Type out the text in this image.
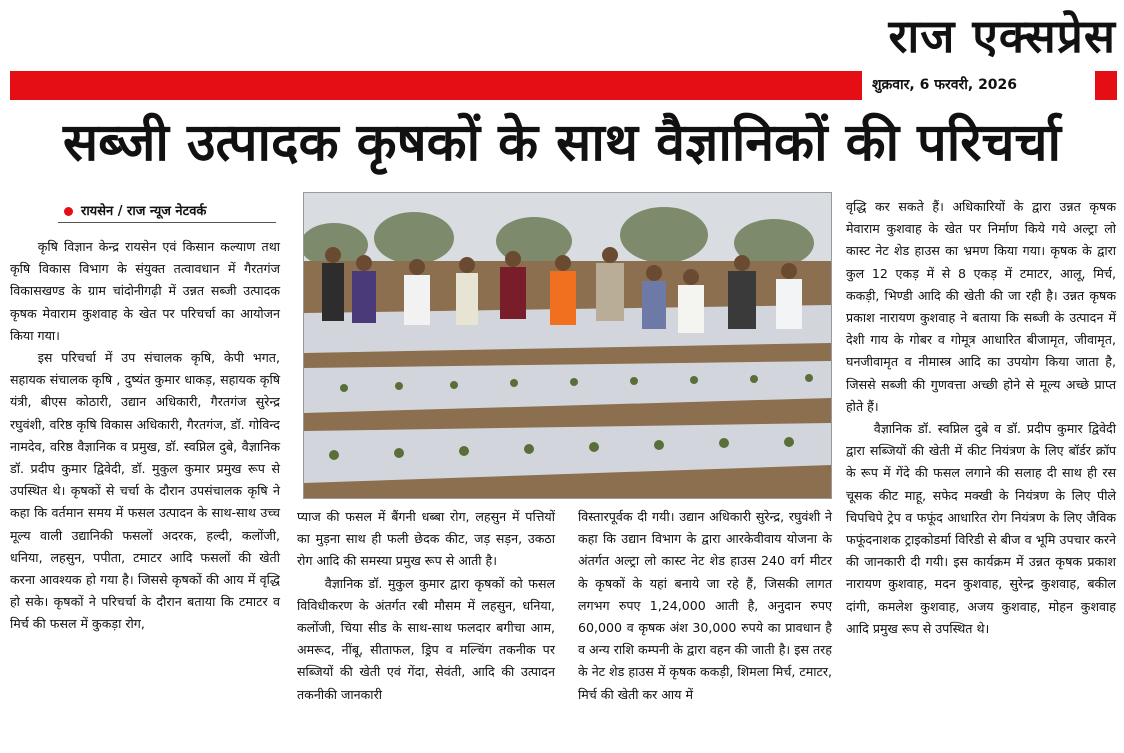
राज एक्सप्रेस
शुक्रवार, 6 फरवरी, 2026
सब्जी उत्पादक कृषकों के साथ वैज्ञानिकों की परिचर्चा
रायसेन / राज न्यूज नेटवर्क

कृषि विज्ञान केन्द्र रायसेन एवं किसान कल्याण तथा कृषि विकास विभाग के संयुक्त तत्वावधान में गैरतगंज विकासखण्ड के ग्राम चांदोनीगढ़ी में उन्नत सब्जी उत्पादक कृषक मेवाराम कुशवाह के खेत पर परिचर्चा का आयोजन किया गया।

इस परिचर्चा में उप संचालक कृषि, केपी भगत, सहायक संचालक कृषि , दुष्यंत कुमार धाकड़, सहायक कृषि यंत्री, बीएस कोठारी, उद्यान अधिकारी, गैरतगंज सुरेन्द्र रघुवंशी, वरिष्ठ कृषि विकास अधिकारी, गैरतगंज, डॉ. गोविन्द नामदेव, वरिष्ठ वैज्ञानिक व प्रमुख, डॉ. स्वप्निल दुबे, वैज्ञानिक डॉ. प्रदीप कुमार द्विवेदी, डॉ. मुकुल कुमार प्रमुख रूप से उपस्थित थे। कृषकों से चर्चा के दौरान उपसंचालक कृषि ने कहा कि वर्तमान समय में फसल उत्पादन के साथ-साथ उच्च मूल्य वाली उद्यानिकी फसलों अदरक, हल्दी, कलोंजी, धनिया, लहसुन, पपीता, टमाटर आदि फसलों की खेती करना आवश्यक हो गया है। जिससे कृषकों की आय में वृद्धि हो सके। कृषकों ने परिचर्चा के दौरान बताया कि टमाटर व मिर्च की फसल में कुकड़ा रोग,

प्याज की फसल में बैंगनी धब्बा रोग, लहसुन में पत्तियों का मुड़ना साथ ही फली छेदक कीट, जड़ सड़न, उकठा रोग आदि की समस्या प्रमुख रूप से आती है।

वैज्ञानिक डॉ. मुकुल कुमार द्वारा कृषकों को फसल विविधीकरण के अंतर्गत रबी मौसम में लहसुन, धनिया, कलोंजी, चिया सीड के साथ-साथ फलदार बगीचा आम, अमरूद, नींबू, सीताफल, ड्रिप व मल्चिंग तकनीक पर सब्जियों की खेती एवं गेंदा, सेवंती, आदि की उत्पादन तकनीकी जानकारी

विस्तारपूर्वक दी गयी। उद्यान अधिकारी सुरेन्द्र, रघुवंशी ने कहा कि उद्यान विभाग के द्वारा आरकेवीवाय योजना के अंतर्गत अल्ट्रा लो कास्ट नेट शेड हाउस 240 वर्ग मीटर के कृषकों के यहां बनाये जा रहे हैं, जिसकी लागत लगभग रुपए 1,24,000 आती है, अनुदान रुपए 60,000 व कृषक अंश 30,000 रुपये का प्रावधान है व अन्य राशि कम्पनी के द्वारा वहन की जाती है। इस तरह के नेट शेड हाउस में कृषक ककड़ी, शिमला मिर्च, टमाटर, मिर्च की खेती कर आय में

वृद्धि कर सकते हैं। अधिकारियों के द्वारा उन्नत कृषक मेवाराम कुशवाह के खेत पर निर्माण किये गये अल्ट्रा लो कास्ट नेट शेड हाउस का भ्रमण किया गया। कृषक के द्वारा कुल 12 एकड़ में से 8 एकड़ में टमाटर, आलू, मिर्च, ककड़ी, भिण्डी आदि की खेती की जा रही है। उन्नत कृषक प्रकाश नारायण कुशवाह ने बताया कि सब्जी के उत्पादन में देशी गाय के गोबर व गोमूत्र आधारित बीजामृत, जीवामृत, घनजीवामृत व नीमास्त्र आदि का उपयोग किया जाता है, जिससे सब्जी की गुणवत्ता अच्छी होने से मूल्य अच्छे प्राप्त होते हैं।

वैज्ञानिक डॉ. स्वप्निल दुबे व डॉ. प्रदीप कुमार द्विवेदी द्वारा सब्जियों की खेती में कीट नियंत्रण के लिए बॉर्डर क्रॉप के रूप में गेंदे की फसल लगाने की सलाह दी साथ ही रस चूसक कीट माहू, सफेद मक्खी के नियंत्रण के लिए पीले चिपचिपे ट्रेप व फफूंद आधारित रोग नियंत्रण के लिए जैविक फफूंदनाशक ट्राइकोडर्मा विरिडी से बीज व भूमि उपचार करने की जानकारी दी गयी। इस कार्यक्रम में उन्नत कृषक प्रकाश नारायण कुशवाह, मदन कुशवाह, सुरेन्द्र कुशवाह, बकील दांगी, कमलेश कुशवाह, अजय कुशवाह, मोहन कुशवाह आदि प्रमुख रूप से उपस्थित थे।
